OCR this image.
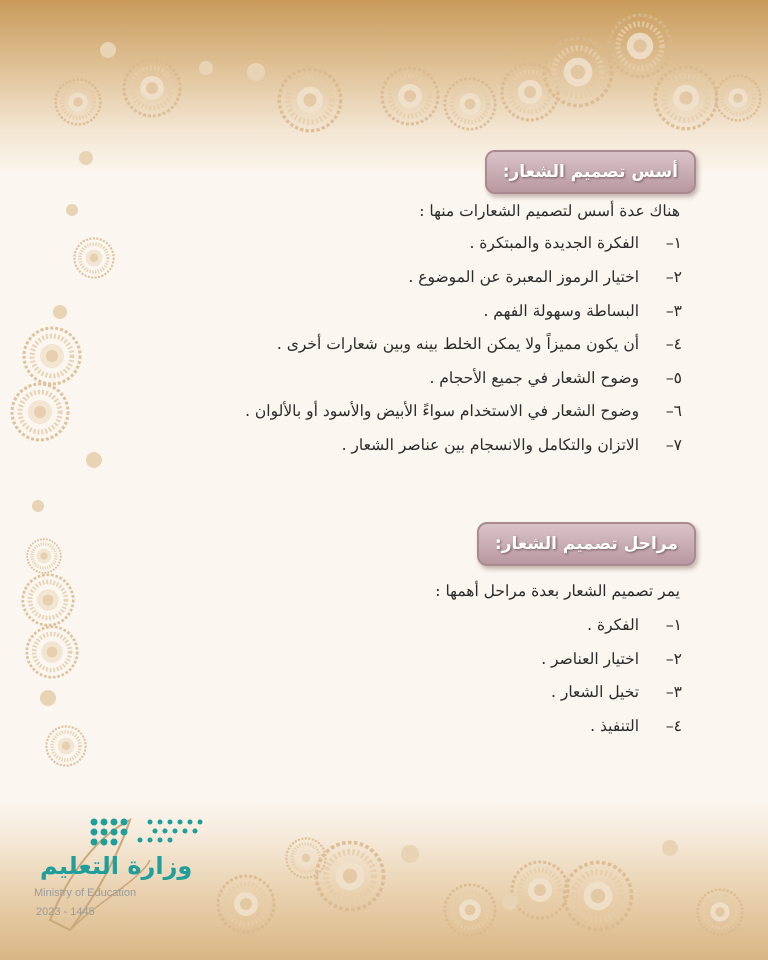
أسس تصميم الشعار:
هناك عدة أسس لتصميم الشعارات منها :
١– الفكرة الجديدة والمبتكرة .
٢– اختيار الرموز المعبرة عن الموضوع .
٣– البساطة وسهولة الفهم .
٤– أن يكون مميزاً ولا يمكن الخلط بينه وبين شعارات أخرى .
٥– وضوح الشعار في جميع الأحجام .
٦– وضوح الشعار في الاستخدام سواءً الأبيض والأسود أو بالألوان .
٧– الاتزان والتكامل والانسجام بين عناصر الشعار .
مراحل تصميم الشعار:
يمر تصميم الشعار بعدة مراحل أهمها :
١– الفكرة .
٢– اختيار العناصر .
٣– تخيل الشعار .
٤– التنفيذ .
وزارة التعليم
Ministry of Education
2023 - 1445
